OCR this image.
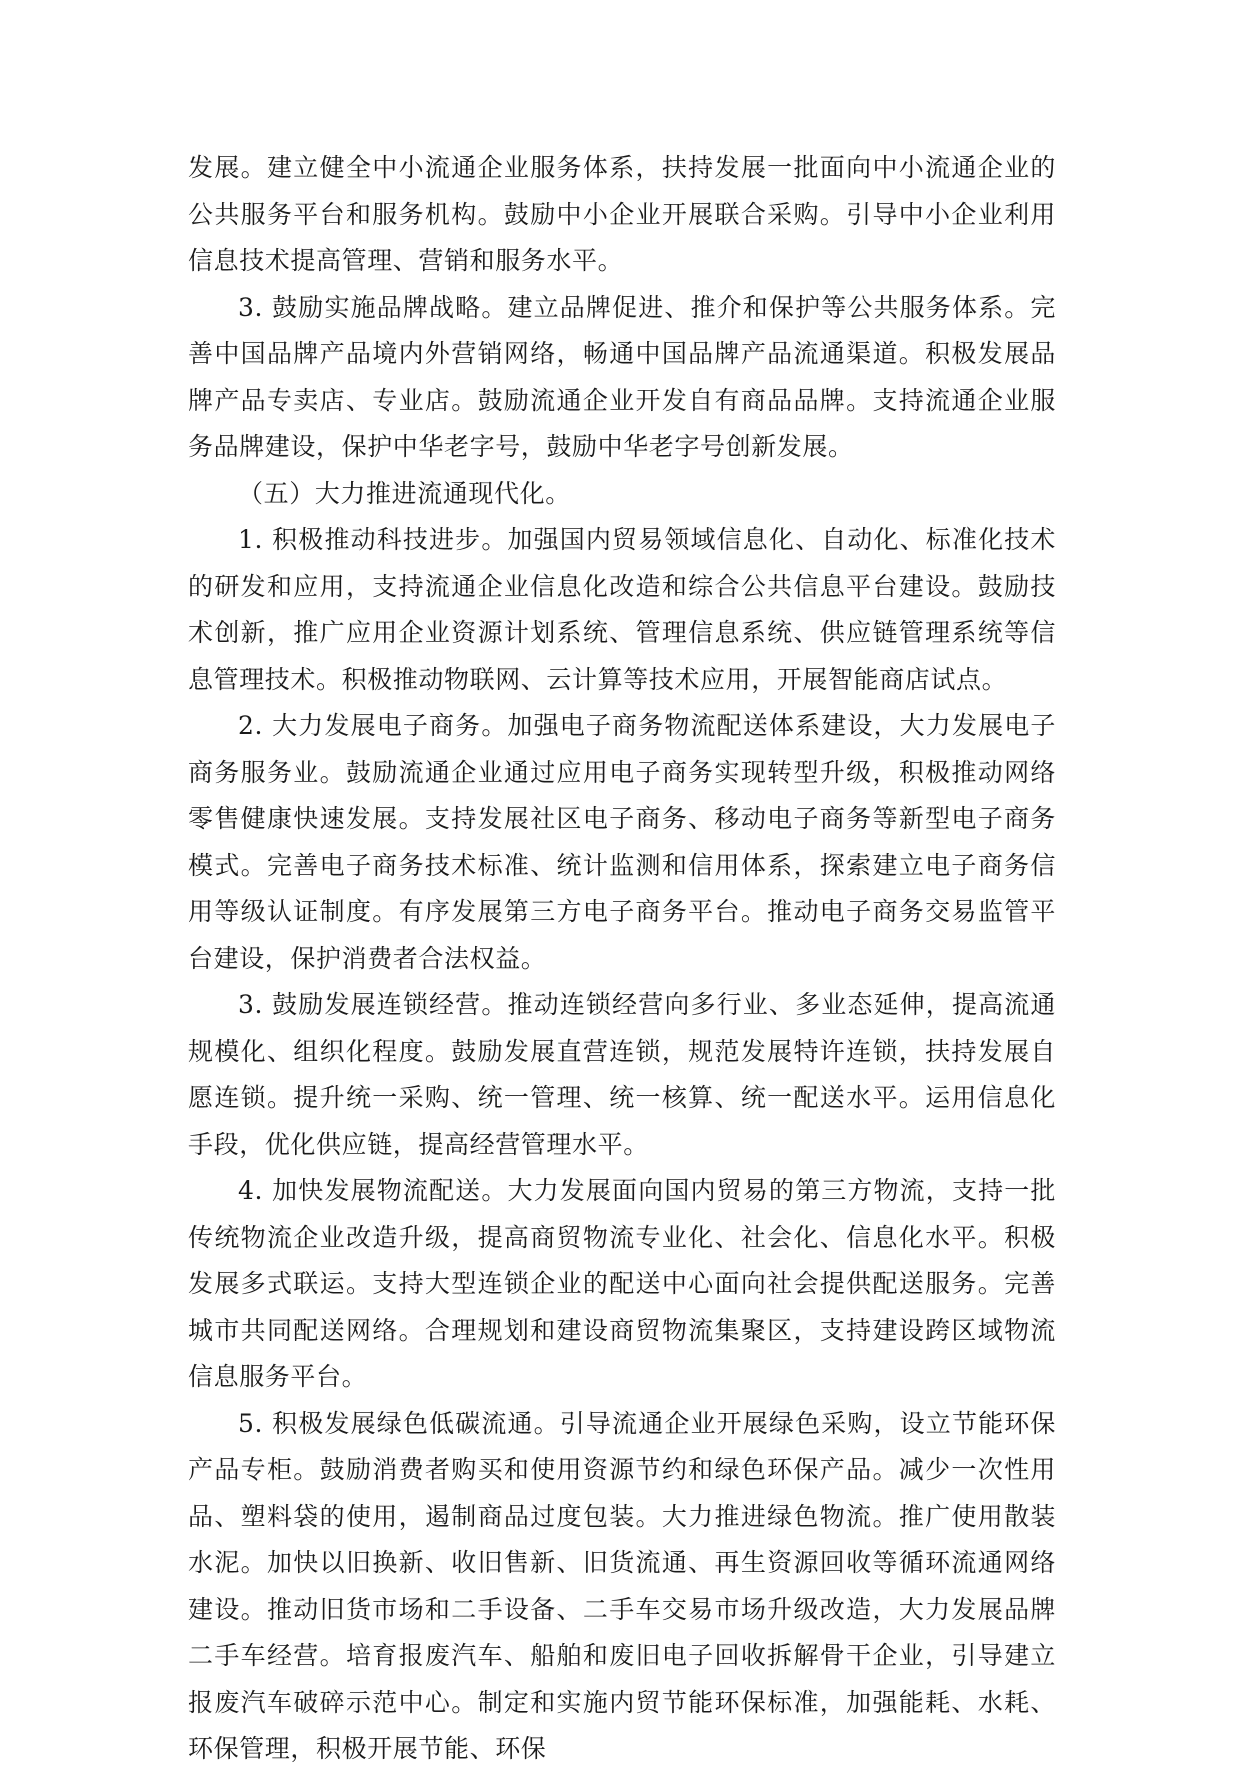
发展。建立健全中小流通企业服务体系，扶持发展一批面向中小流通企业的公共服务平台和服务机构。鼓励中小企业开展联合采购。引导中小企业利用信息技术提高管理、营销和服务水平。

3. 鼓励实施品牌战略。建立品牌促进、推介和保护等公共服务体系。完善中国品牌产品境内外营销网络，畅通中国品牌产品流通渠道。积极发展品牌产品专卖店、专业店。鼓励流通企业开发自有商品品牌。支持流通企业服务品牌建设，保护中华老字号，鼓励中华老字号创新发展。

（五）大力推进流通现代化。

1. 积极推动科技进步。加强国内贸易领域信息化、自动化、标准化技术的研发和应用，支持流通企业信息化改造和综合公共信息平台建设。鼓励技术创新，推广应用企业资源计划系统、管理信息系统、供应链管理系统等信息管理技术。积极推动物联网、云计算等技术应用，开展智能商店试点。

2. 大力发展电子商务。加强电子商务物流配送体系建设，大力发展电子商务服务业。鼓励流通企业通过应用电子商务实现转型升级，积极推动网络零售健康快速发展。支持发展社区电子商务、移动电子商务等新型电子商务模式。完善电子商务技术标准、统计监测和信用体系，探索建立电子商务信用等级认证制度。有序发展第三方电子商务平台。推动电子商务交易监管平台建设，保护消费者合法权益。

3. 鼓励发展连锁经营。推动连锁经营向多行业、多业态延伸，提高流通规模化、组织化程度。鼓励发展直营连锁，规范发展特许连锁，扶持发展自愿连锁。提升统一采购、统一管理、统一核算、统一配送水平。运用信息化手段，优化供应链，提高经营管理水平。

4. 加快发展物流配送。大力发展面向国内贸易的第三方物流，支持一批传统物流企业改造升级，提高商贸物流专业化、社会化、信息化水平。积极发展多式联运。支持大型连锁企业的配送中心面向社会提供配送服务。完善城市共同配送网络。合理规划和建设商贸物流集聚区，支持建设跨区域物流信息服务平台。

5. 积极发展绿色低碳流通。引导流通企业开展绿色采购，设立节能环保产品专柜。鼓励消费者购买和使用资源节约和绿色环保产品。减少一次性用品、塑料袋的使用，遏制商品过度包装。大力推进绿色物流。推广使用散装水泥。加快以旧换新、收旧售新、旧货流通、再生资源回收等循环流通网络建设。推动旧货市场和二手设备、二手车交易市场升级改造，大力发展品牌二手车经营。培育报废汽车、船舶和废旧电子回收拆解骨干企业，引导建立报废汽车破碎示范中心。制定和实施内贸节能环保标准，加强能耗、水耗、环保管理，积极开展节能、环保
